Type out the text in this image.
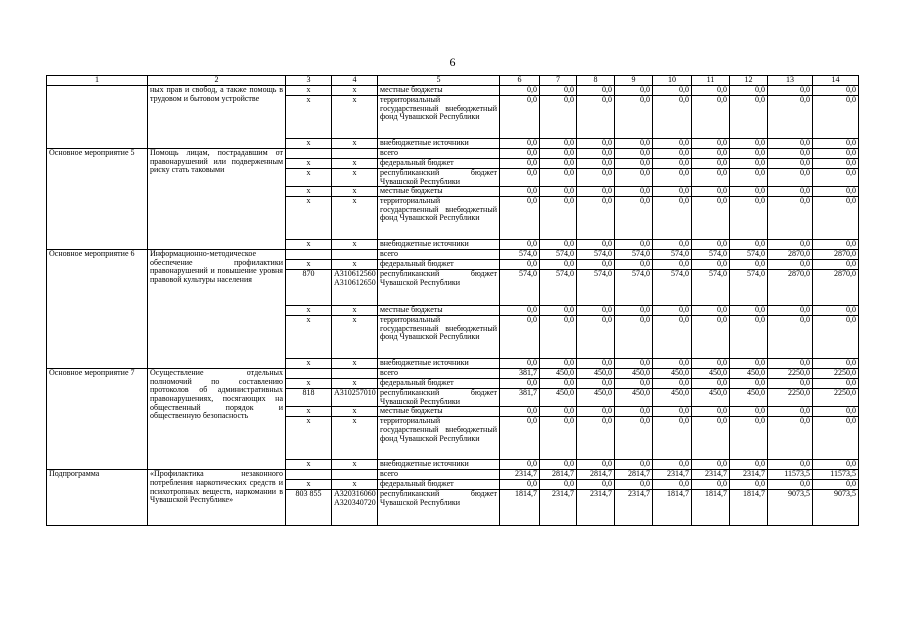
6
1	2	3	4	5	6	7	8	9	10	11	12	13	14
	ных прав и свобод, а также помощь в трудовом и бытовом устройстве	x	x	местные бюджеты	0,0	0,0	0,0	0,0	0,0	0,0	0,0	0,0	0,0
		x	x	территориальный государственный внебюджетный фонд Чувашской Республики	0,0	0,0	0,0	0,0	0,0	0,0	0,0	0,0	0,0
		x	x	внебюджетные источники	0,0	0,0	0,0	0,0	0,0	0,0	0,0	0,0	0,0
Основное мероприятие 5	Помощь лицам, пострадавшим от правонарушений или подверженным риску стать таковыми			всего	0,0	0,0	0,0	0,0	0,0	0,0	0,0	0,0	0,0
		x	x	федеральный бюджет	0,0	0,0	0,0	0,0	0,0	0,0	0,0	0,0	0,0
		x	x	республиканский бюджет Чувашской Республики	0,0	0,0	0,0	0,0	0,0	0,0	0,0	0,0	0,0
		x	x	местные бюджеты	0,0	0,0	0,0	0,0	0,0	0,0	0,0	0,0	0,0
		x	x	территориальный государственный внебюджетный фонд Чувашской Республики	0,0	0,0	0,0	0,0	0,0	0,0	0,0	0,0	0,0
		x	x	внебюджетные источники	0,0	0,0	0,0	0,0	0,0	0,0	0,0	0,0	0,0
Основное мероприятие 6	Информационно-методическое обеспечение профилактики правонарушений и повышение уровня правовой культуры населения			всего	574,0	574,0	574,0	574,0	574,0	574,0	574,0	2870,0	2870,0
		x	x	федеральный бюджет	0,0	0,0	0,0	0,0	0,0	0,0	0,0	0,0	0,0
		870	А310612560 А310612650	республиканский бюджет Чувашской Республики	574,0	574,0	574,0	574,0	574,0	574,0	574,0	2870,0	2870,0
		x	x	местные бюджеты	0,0	0,0	0,0	0,0	0,0	0,0	0,0	0,0	0,0
		x	x	территориальный государственный внебюджетный фонд Чувашской Республики	0,0	0,0	0,0	0,0	0,0	0,0	0,0	0,0	0,0
		x	x	внебюджетные источники	0,0	0,0	0,0	0,0	0,0	0,0	0,0	0,0	0,0
Основное мероприятие 7	Осуществление отдельных полномочий по составлению протоколов об административных правонарушениях, посягающих на общественный порядок и общественную безопасность			всего	381,7	450,0	450,0	450,0	450,0	450,0	450,0	2250,0	2250,0
		x	x	федеральный бюджет	0,0	0,0	0,0	0,0	0,0	0,0	0,0	0,0	0,0
		818	А310257010	республиканский бюджет Чувашской Республики	381,7	450,0	450,0	450,0	450,0	450,0	450,0	2250,0	2250,0
		x	x	местные бюджеты	0,0	0,0	0,0	0,0	0,0	0,0	0,0	0,0	0,0
		x	x	территориальный государственный внебюджетный фонд Чувашской Республики	0,0	0,0	0,0	0,0	0,0	0,0	0,0	0,0	0,0
		x	x	внебюджетные источники	0,0	0,0	0,0	0,0	0,0	0,0	0,0	0,0	0,0
Подпрограмма	«Профилактика незаконного потребления наркотических средств и психотропных веществ, наркомании в Чувашской Республике»			всего	2314,7	2814,7	2814,7	2814,7	2314,7	2314,7	2314,7	11573,5	11573,5
		x	x	федеральный бюджет	0,0	0,0	0,0	0,0	0,0	0,0	0,0	0,0	0,0
		803 855	А320316060 А320340720	республиканский бюджет Чувашской Республики	1814,7	2314,7	2314,7	2314,7	1814,7	1814,7	1814,7	9073,5	9073,5
